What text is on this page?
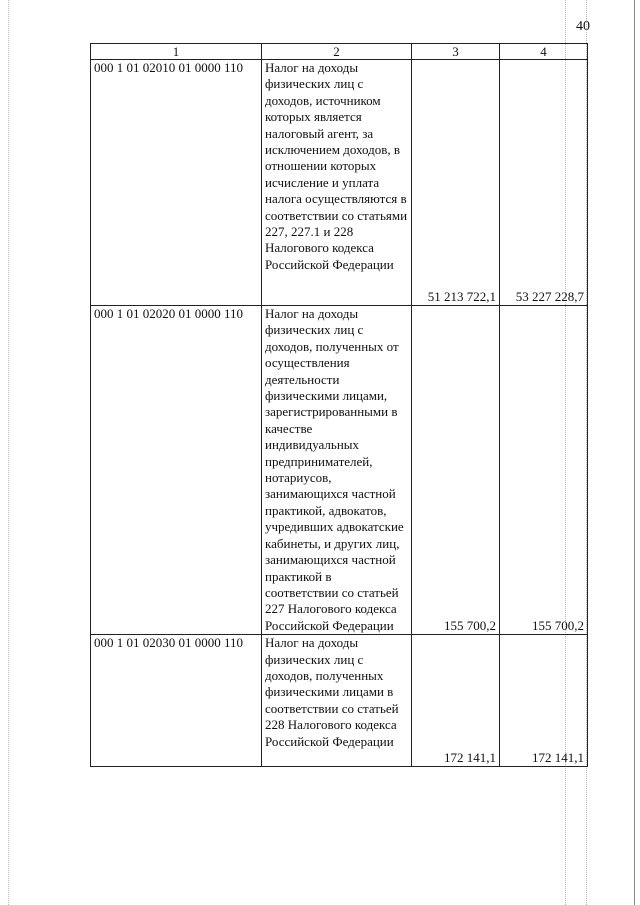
40
1	2	3	4
000 1 01 02010 01 0000 110	Налог на доходы физических лиц с доходов, источником которых является налоговый агент, за исключением доходов, в отношении которых исчисление и уплата налога осуществляются в соответствии со статьями 227, 227.1 и 228 Налогового кодекса Российской Федерации	51 213 722,1	53 227 228,7
000 1 01 02020 01 0000 110	Налог на доходы физических лиц с доходов, полученных от осуществления деятельности физическими лицами, зарегистрированными в качестве индивидуальных предпринимателей, нотариусов, занимающихся частной практикой, адвокатов, учредивших адвокатские кабинеты, и других лиц, занимающихся частной практикой в соответствии со статьей 227 Налогового кодекса Российской Федерации	155 700,2	155 700,2
000 1 01 02030 01 0000 110	Налог на доходы физических лиц с доходов, полученных физическими лицами в соответствии со статьей 228 Налогового кодекса Российской Федерации	172 141,1	172 141,1
